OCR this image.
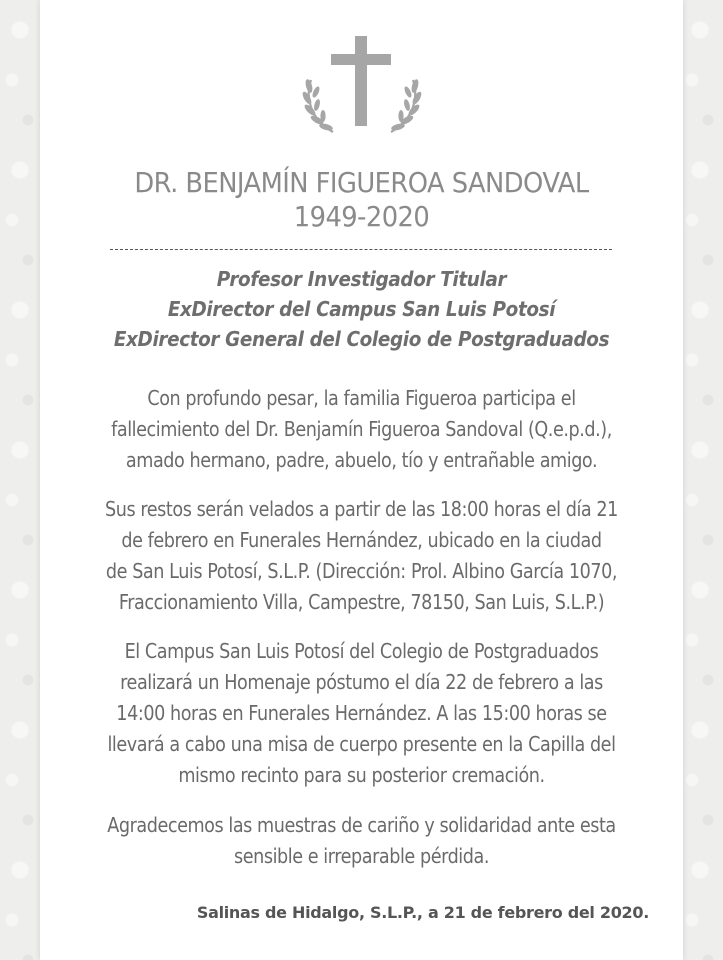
DR. BENJAMÍN FIGUEROA SANDOVAL
1949-2020
Profesor Investigador Titular
ExDirector del Campus San Luis Potosí
ExDirector General del Colegio de Postgraduados
Con profundo pesar, la familia Figueroa participa el
fallecimiento del Dr. Benjamín Figueroa Sandoval (Q.e.p.d.),
amado hermano, padre, abuelo, tío y entrañable amigo.
Sus restos serán velados a partir de las 18:00 horas el día 21
de febrero en Funerales Hernández, ubicado en la ciudad
de San Luis Potosí, S.L.P. (Dirección: Prol. Albino García 1070,
Fraccionamiento Villa, Campestre, 78150, San Luis, S.L.P.)
El Campus San Luis Potosí del Colegio de Postgraduados
realizará un Homenaje póstumo el día 22 de febrero a las
14:00 horas en Funerales Hernández. A las 15:00 horas se
llevará a cabo una misa de cuerpo presente en la Capilla del
mismo recinto para su posterior cremación.
Agradecemos las muestras de cariño y solidaridad ante esta
sensible e irreparable pérdida.
Salinas de Hidalgo, S.L.P., a 21 de febrero del 2020.
